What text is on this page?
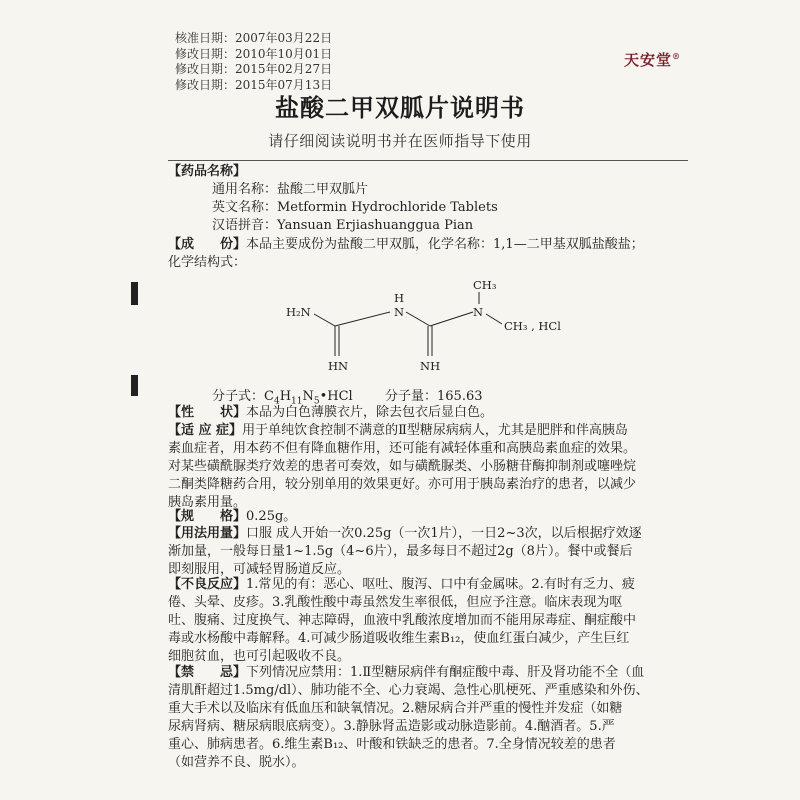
核准日期：2007年03月22日
修改日期：2010年10月01日
修改日期：2015年02月27日
修改日期：2015年07月13日
天安堂®
盐酸二甲双胍片说明书
请仔细阅读说明书并在医师指导下使用
【药品名称】
通用名称：盐酸二甲双胍片
英文名称：Metformin Hydrochloride Tablets
汉语拼音：Yansuan Erjiashuanggua Pian
【成　　份】本品主要成份为盐酸二甲双胍，化学名称：1,1—二甲基双胍盐酸盐；
化学结构式：
H₂N
HN
H
N
NH
N
CH₃
CH₃ , HCl
分子式：$C_4H_{11}N_5•HCl$ 分子量：165.63
【性　　状】本品为白色薄膜衣片，除去包衣后显白色。
【适 应 症】用于单纯饮食控制不满意的Ⅱ型糖尿病病人，尤其是肥胖和伴高胰岛
素血症者，用本药不但有降血糖作用，还可能有减轻体重和高胰岛素血症的效果。
对某些磺酰脲类疗效差的患者可奏效，如与磺酰脲类、小肠糖苷酶抑制剂或噻唑烷
二酮类降糖药合用，较分别单用的效果更好。亦可用于胰岛素治疗的患者，以减少
胰岛素用量。
【规　　格】0.25g。
【用法用量】口服 成人开始一次0.25g（一次1片），一日2~3次，以后根据疗效逐
渐加量，一般每日量1~1.5g（4~6片），最多每日不超过2g（8片）。餐中或餐后
即刻服用，可减轻胃肠道反应。
【不良反应】1.常见的有：恶心、呕吐、腹泻、口中有金属味。2.有时有乏力、疲
倦、头晕、皮疹。3.乳酸性酸中毒虽然发生率很低，但应予注意。临床表现为呕
吐、腹痛、过度换气、神志障碍，血液中乳酸浓度增加而不能用尿毒症、酮症酸中
毒或水杨酸中毒解释。4.可减少肠道吸收维生素B₁₂，使血红蛋白减少，产生巨红
细胞贫血，也可引起吸收不良。
【禁　　忌】下列情况应禁用：1.Ⅱ型糖尿病伴有酮症酸中毒、肝及肾功能不全（血
清肌酐超过1.5mg/dl）、肺功能不全、心力衰竭、急性心肌梗死、严重感染和外伤、
重大手术以及临床有低血压和缺氧情况。2.糖尿病合并严重的慢性并发症（如糖
尿病肾病、糖尿病眼底病变）。3.静脉肾盂造影或动脉造影前。4.酗酒者。5.严
重心、肺病患者。6.维生素B₁₂、叶酸和铁缺乏的患者。7.全身情况较差的患者
（如营养不良、脱水）。
